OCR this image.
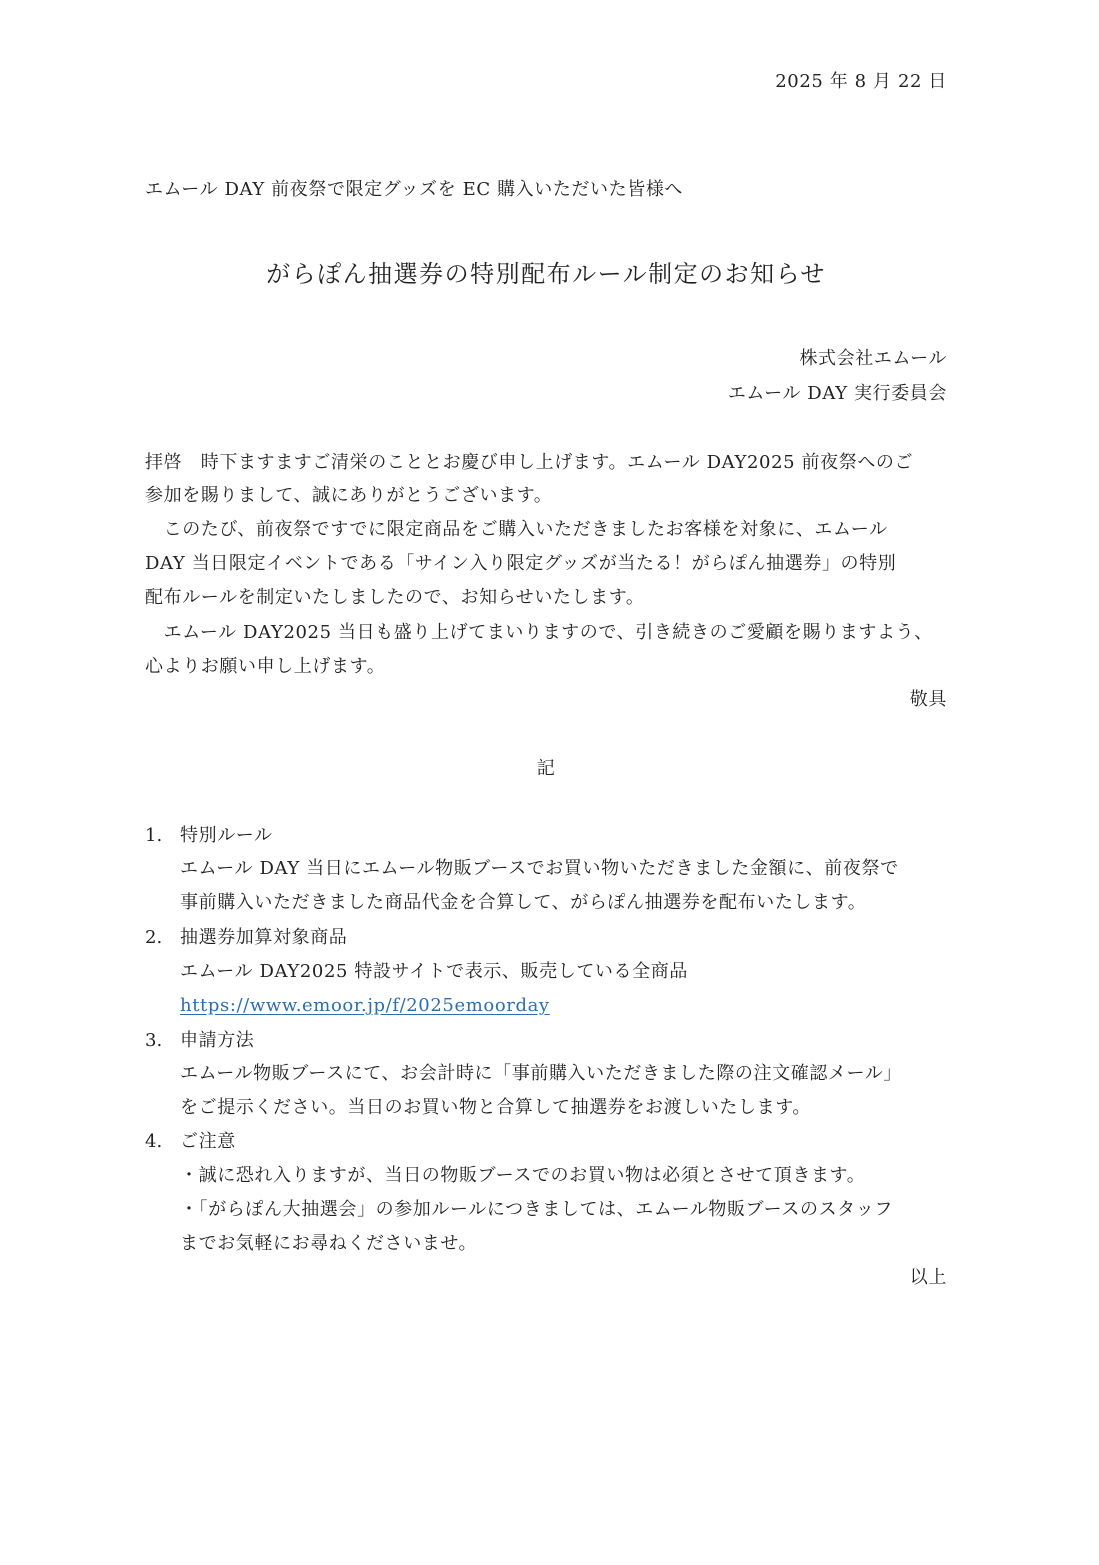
2025 年 8 月 22 日
エムール DAY 前夜祭で限定グッズを EC 購入いただいた皆様へ
がらぽん抽選券の特別配布ルール制定のお知らせ
株式会社エムール
エムール DAY 実行委員会
拝啓　時下ますますご清栄のこととお慶び申し上げます。エムール DAY2025 前夜祭へのご
参加を賜りまして、誠にありがとうございます。
　このたび、前夜祭ですでに限定商品をご購入いただきましたお客様を対象に、エムール
DAY 当日限定イベントである「サイン入り限定グッズが当たる！がらぽん抽選券」の特別
配布ルールを制定いたしましたので、お知らせいたします。
　エムール DAY2025 当日も盛り上げてまいりますので、引き続きのご愛顧を賜りますよう、
心よりお願い申し上げます。
敬具
記
1. 特別ルール
エムール DAY 当日にエムール物販ブースでお買い物いただきました金額に、前夜祭で
事前購入いただきました商品代金を合算して、がらぽん抽選券を配布いたします。
2. 抽選券加算対象商品
エムール DAY2025 特設サイトで表示、販売している全商品
https://www.emoor.jp/f/2025emoorday
3. 申請方法
エムール物販ブースにて、お会計時に「事前購入いただきました際の注文確認メール」
をご提示ください。当日のお買い物と合算して抽選券をお渡しいたします。
4. ご注意
・誠に恐れ入りますが、当日の物販ブースでのお買い物は必須とさせて頂きます。
・「がらぽん大抽選会」の参加ルールにつきましては、エムール物販ブースのスタッフ
までお気軽にお尋ねくださいませ。
以上
